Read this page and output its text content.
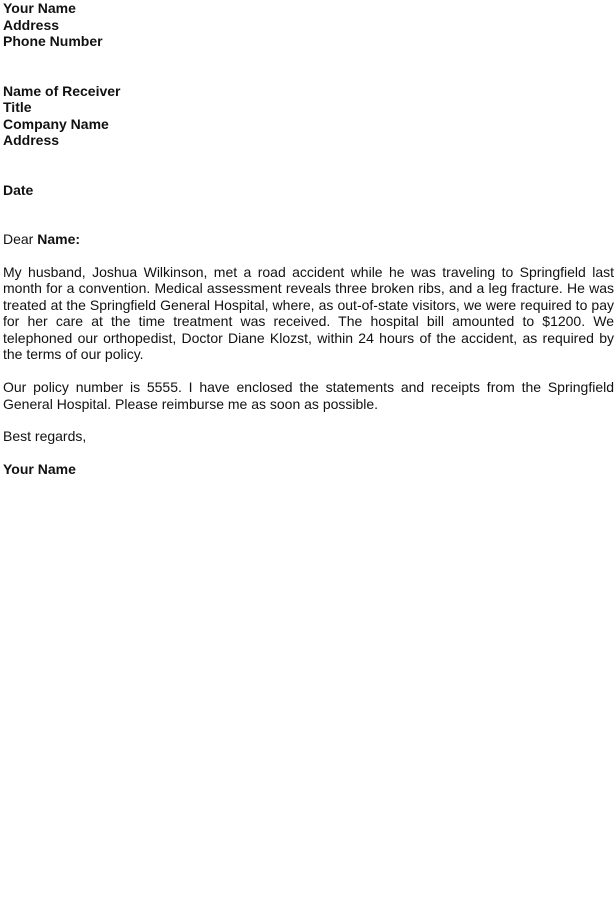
Your Name
Address
Phone Number
Name of Receiver
Title
Company Name
Address
Date
Dear Name:

My husband, Joshua Wilkinson, met a road accident while he was traveling to Springfield last month for a convention. Medical assessment reveals three broken ribs, and a leg fracture. He was treated at the Springfield General Hospital, where, as out-of-state visitors, we were required to pay for her care at the time treatment was received. The hospital bill amounted to $1200. We telephoned our orthopedist, Doctor Diane Klozst, within 24 hours of the accident, as required by the terms of our policy.

Our policy number is 5555. I have enclosed the statements and receipts from the Springfield General Hospital. Please reimburse me as soon as possible.

Best regards,
Your Name
